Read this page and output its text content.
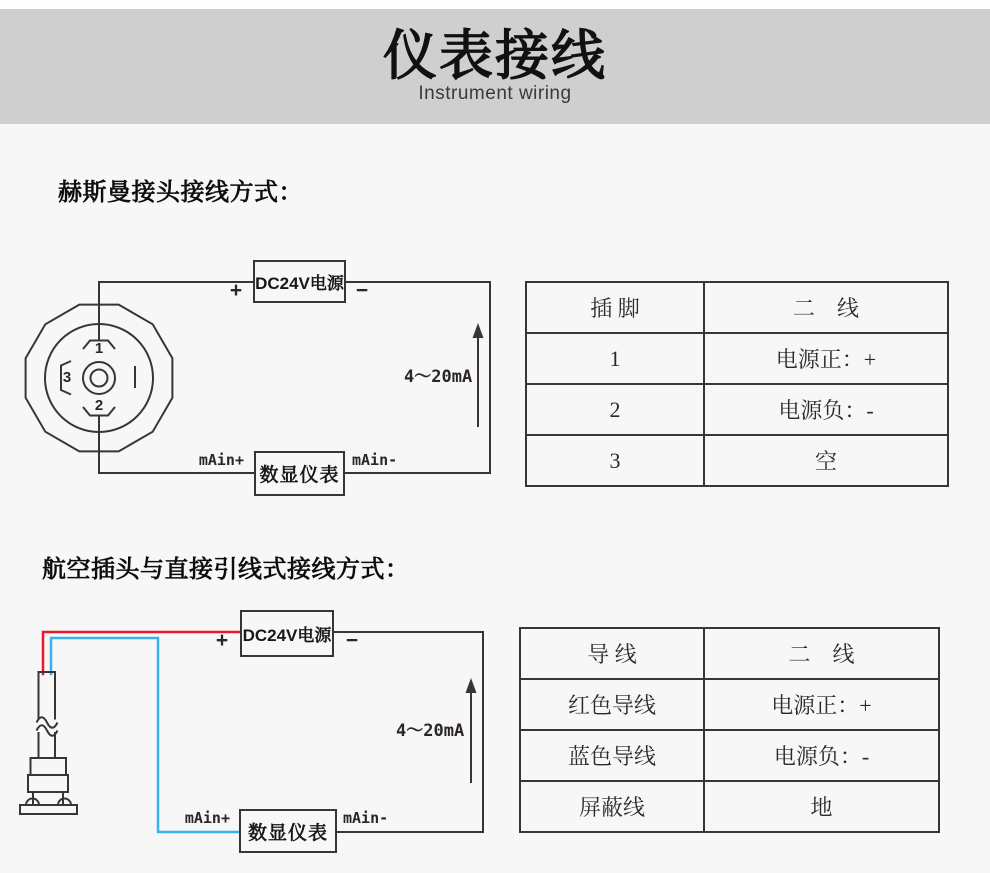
仪表接线
Instrument wiring
赫斯曼接头接线方式：
航空插头与直接引线式接线方式：
DC24V电源
+	−
数显仪表
mAin+	mAin-
4～20mA
1
2
3
DC24V电源
+	−
数显仪表
mAin+	mAin-
4～20mA
插 脚	二　线
1	电源正：+
2	电源负：-
3	空
导 线	二　线
红色导线	电源正：+
蓝色导线	电源负：-
屏蔽线	地
